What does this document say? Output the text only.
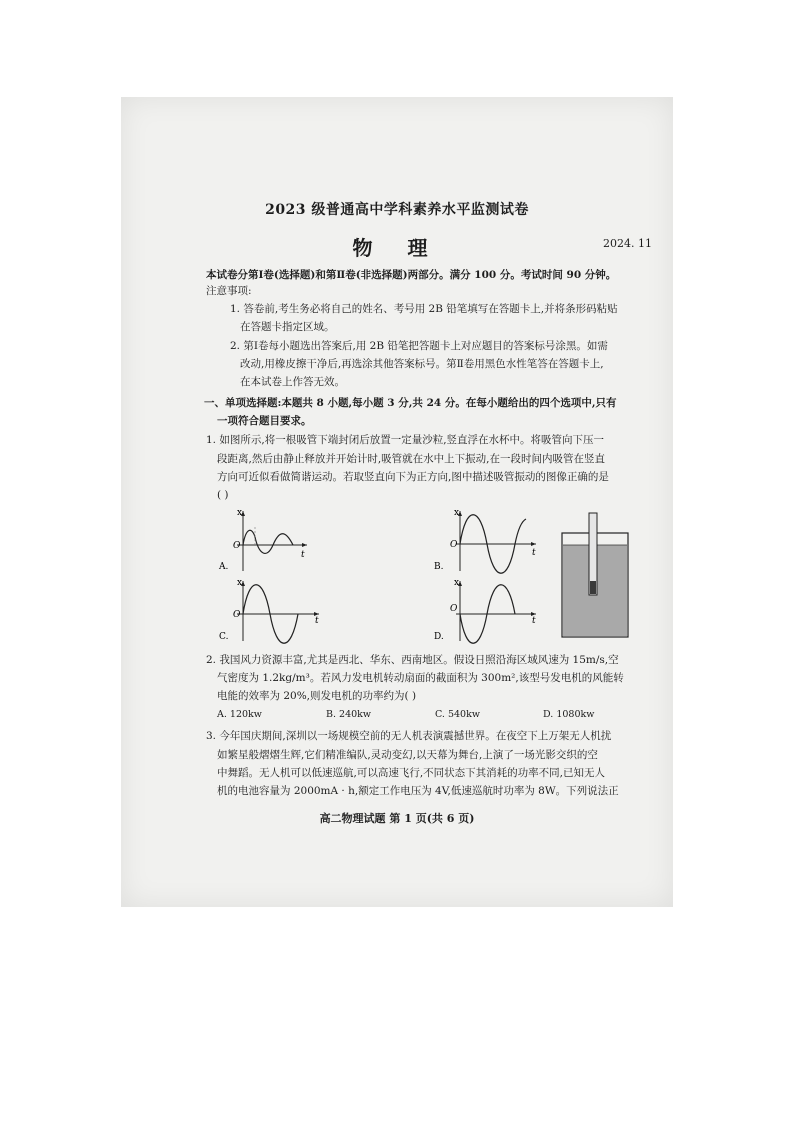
2023 级普通高中学科素养水平监测试卷
物 理	2024. 11
本试卷分第Ⅰ卷(选择题)和第Ⅱ卷(非选择题)两部分。满分 100 分。考试时间 90 分钟。
注意事项:
1. 答卷前,考生务必将自己的姓名、考号用 2B 铅笔填写在答题卡上,并将条形码粘贴
在答题卡指定区域。
2. 第Ⅰ卷每小题选出答案后,用 2B 铅笔把答题卡上对应题目的答案标号涂黑。如需
改动,用橡皮擦干净后,再选涂其他答案标号。第Ⅱ卷用黑色水性笔答在答题卡上,
在本试卷上作答无效。
一、单项选择题:本题共 8 小题,每小题 3 分,共 24 分。在每小题给出的四个选项中,只有
一项符合题目要求。
1. 如图所示,将一根吸管下端封闭后放置一定量沙粒,竖直浮在水杯中。将吸管向下压一
段距离,然后由静止释放并开始计时,吸管就在水中上下振动,在一段时间内吸管在竖直
方向可近似看做简谐运动。若取竖直向下为正方向,图中描述吸管振动的图像正确的是
( )
x
O
t
A.
x
O
t
B.
x
O
t
C.
x
O
t
D.
2. 我国风力资源丰富,尤其是西北、华东、西南地区。假设日照沿海区域风速为 15m/s,空
气密度为 1.2kg/m³。若风力发电机转动扇面的截面积为 300m²,该型号发电机的风能转
电能的效率为 20%,则发电机的功率约为( )
A. 120kw	B. 240kw	C. 540kw	D. 1080kw
3. 今年国庆期间,深圳以一场规模空前的无人机表演震撼世界。在夜空下上万架无人机扰
如繁星般熠熠生辉,它们精准编队,灵动变幻,以天幕为舞台,上演了一场光影交织的空
中舞蹈。无人机可以低速巡航,可以高速飞行,不同状态下其消耗的功率不同,已知无人
机的电池容量为 2000mA · h,额定工作电压为 4V,低速巡航时功率为 8W。下列说法正
高二物理试题 第 1 页(共 6 页)
